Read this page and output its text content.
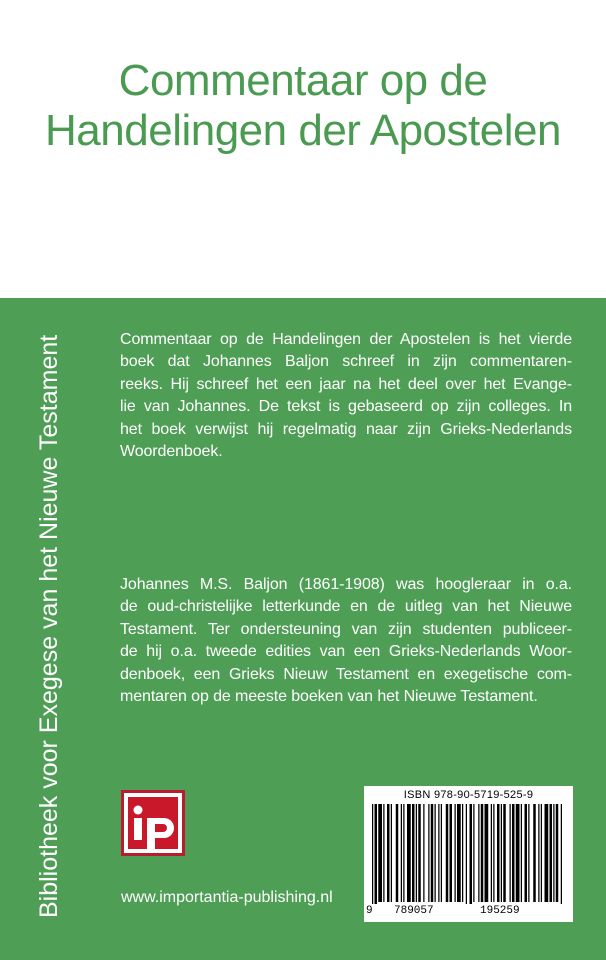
Commentaar op de
Handelingen der Apostelen
Bibliotheek voor Exegese van het Nieuwe Testament	Commentaar op de Handelingen der Apostelen is het vierde
boek dat Johannes Baljon schreef in zijn commentaren-
reeks. Hij schreef het een jaar na het deel over het Evange-
lie van Johannes. De tekst is gebaseerd op zijn colleges. In
het boek verwijst hij regelmatig naar zijn Grieks-Nederlands
Woordenboek.
Johannes M.S. Baljon (1861-1908) was hoogleraar in o.a.
de oud-christelijke letterkunde en de uitleg van het Nieuwe
Testament. Ter ondersteuning van zijn studenten publiceer-
de hij o.a. tweede edities van een Grieks-Nederlands Woor-
denboek, een Grieks Nieuw Testament en exegetische com-
mentaren op de meeste boeken van het Nieuwe Testament.
www.importantia-publishing.nl
ISBN 978-90-5719-525-9
9 789057	195259
